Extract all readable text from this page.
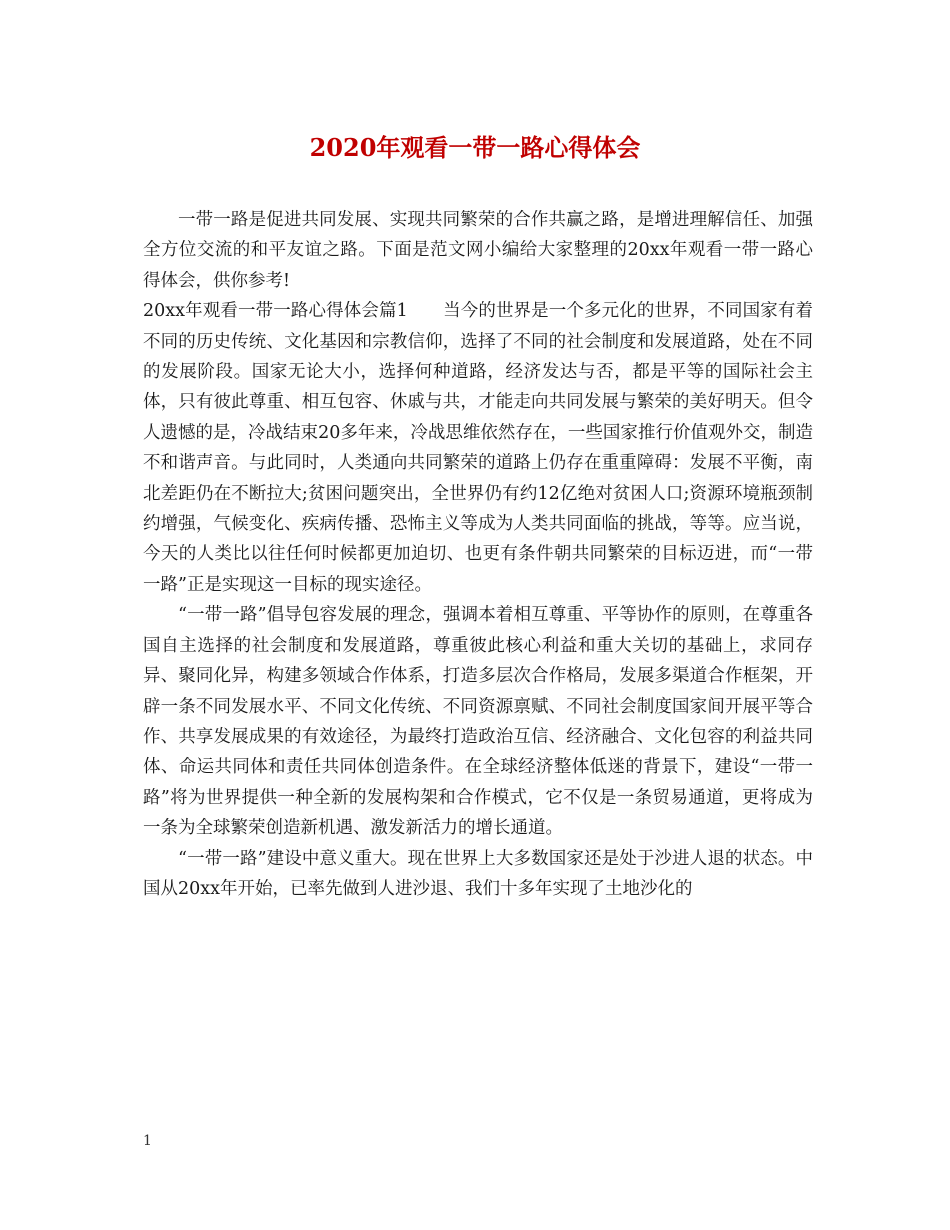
2020年观看一带一路心得体会

一带一路是促进共同发展、实现共同繁荣的合作共赢之路，是增进理解信任、加强全方位交流的和平友谊之路。下面是范文网小编给大家整理的20xx年观看一带一路心得体会，供你参考!

20xx年观看一带一路心得体会篇1　　当今的世界是一个多元化的世界，不同国家有着不同的历史传统、文化基因和宗教信仰，选择了不同的社会制度和发展道路，处在不同的发展阶段。国家无论大小，选择何种道路，经济发达与否，都是平等的国际社会主体，只有彼此尊重、相互包容、休戚与共，才能走向共同发展与繁荣的美好明天。但令人遗憾的是，冷战结束20多年来，冷战思维依然存在，一些国家推行价值观外交，制造不和谐声音。与此同时，人类通向共同繁荣的道路上仍存在重重障碍：发展不平衡，南北差距仍在不断拉大;贫困问题突出，全世界仍有约12亿绝对贫困人口;资源环境瓶颈制约增强，气候变化、疾病传播、恐怖主义等成为人类共同面临的挑战，等等。应当说，今天的人类比以往任何时候都更加迫切、也更有条件朝共同繁荣的目标迈进，而“一带一路”正是实现这一目标的现实途径。

“一带一路”倡导包容发展的理念，强调本着相互尊重、平等协作的原则，在尊重各国自主选择的社会制度和发展道路，尊重彼此核心利益和重大关切的基础上，求同存异、聚同化异，构建多领域合作体系，打造多层次合作格局，发展多渠道合作框架，开辟一条不同发展水平、不同文化传统、不同资源禀赋、不同社会制度国家间开展平等合作、共享发展成果的有效途径，为最终打造政治互信、经济融合、文化包容的利益共同体、命运共同体和责任共同体创造条件。在全球经济整体低迷的背景下，建设“一带一路”将为世界提供一种全新的发展构架和合作模式，它不仅是一条贸易通道，更将成为一条为全球繁荣创造新机遇、激发新活力的增长通道。

“一带一路”建设中意义重大。现在世界上大多数国家还是处于沙进人退的状态。中国从20xx年开始，已率先做到人进沙退、我们十多年实现了土地沙化的

1
